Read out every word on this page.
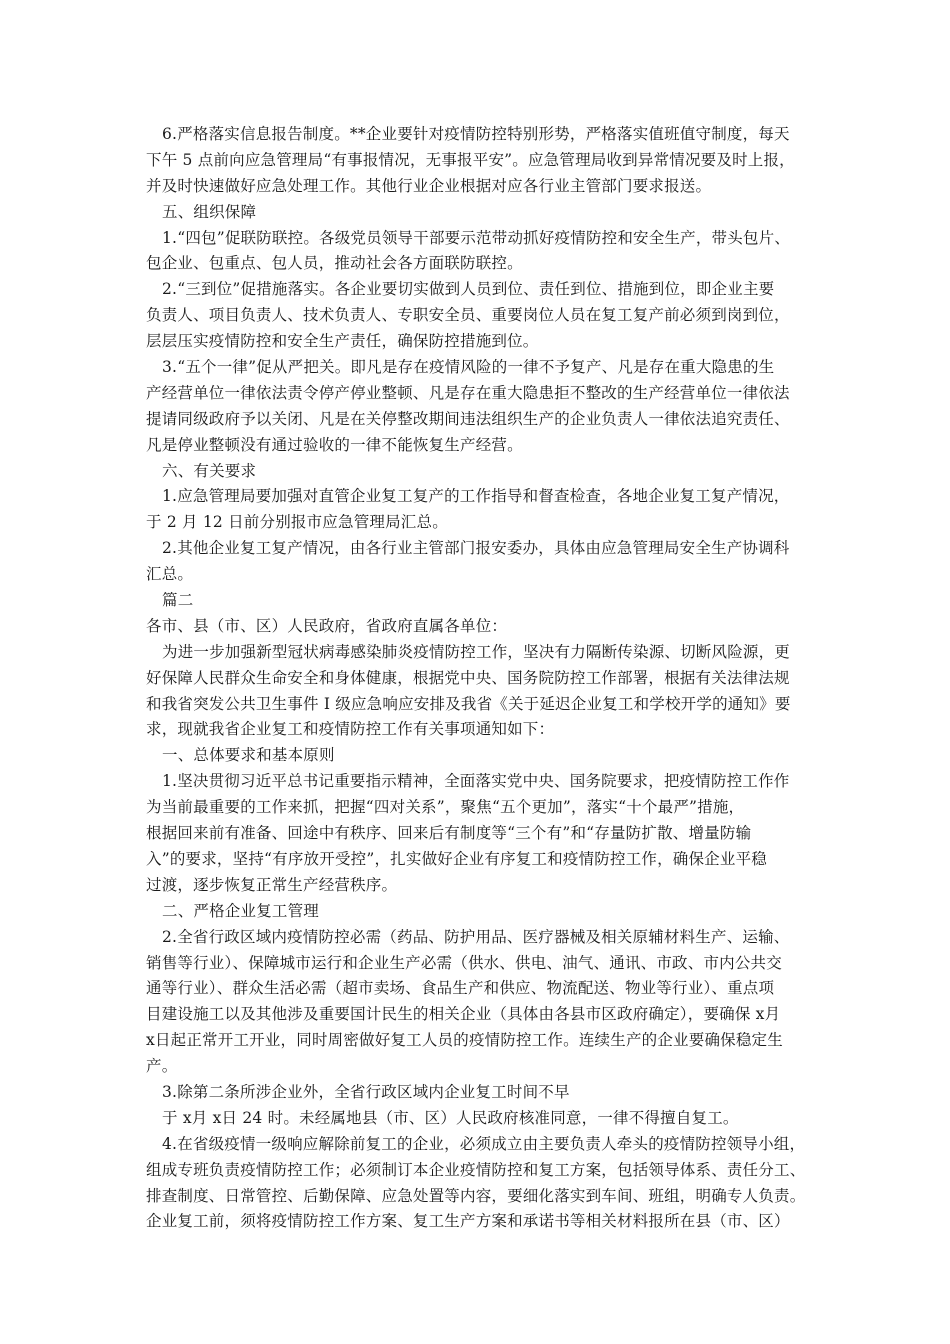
6.严格落实信息报告制度。**企业要针对疫情防控特别形势，严格落实值班值守制度，每天
下午 5 点前向应急管理局“有事报情况，无事报平安”。应急管理局收到异常情况要及时上报，
并及时快速做好应急处理工作。其他行业企业根据对应各行业主管部门要求报送。
五、组织保障
1.“四包”促联防联控。各级党员领导干部要示范带动抓好疫情防控和安全生产，带头包片、
包企业、包重点、包人员，推动社会各方面联防联控。
2.“三到位”促措施落实。各企业要切实做到人员到位、责任到位、措施到位，即企业主要
负责人、项目负责人、技术负责人、专职安全员、重要岗位人员在复工复产前必须到岗到位，
层层压实疫情防控和安全生产责任，确保防控措施到位。
3.“五个一律”促从严把关。即凡是存在疫情风险的一律不予复产、凡是存在重大隐患的生
产经营单位一律依法责令停产停业整顿、凡是存在重大隐患拒不整改的生产经营单位一律依法
提请同级政府予以关闭、凡是在关停整改期间违法组织生产的企业负责人一律依法追究责任、
凡是停业整顿没有通过验收的一律不能恢复生产经营。
六、有关要求
1.应急管理局要加强对直管企业复工复产的工作指导和督查检查，各地企业复工复产情况，
于 2 月 12 日前分别报市应急管理局汇总。
2.其他企业复工复产情况，由各行业主管部门报安委办，具体由应急管理局安全生产协调科
汇总。
篇二
各市、县（市、区）人民政府，省政府直属各单位：
为进一步加强新型冠状病毒感染肺炎疫情防控工作，坚决有力隔断传染源、切断风险源，更
好保障人民群众生命安全和身体健康，根据党中央、国务院防控工作部署，根据有关法律法规
和我省突发公共卫生事件 I 级应急响应安排及我省《关于延迟企业复工和学校开学的通知》要
求，现就我省企业复工和疫情防控工作有关事项通知如下：
一、总体要求和基本原则
1.坚决贯彻习近平总书记重要指示精神，全面落实党中央、国务院要求，把疫情防控工作作
为当前最重要的工作来抓，把握“四对关系”，聚焦“五个更加”，落实“十个最严”措施，
根据回来前有准备、回途中有秩序、回来后有制度等“三个有”和“存量防扩散、增量防输
入”的要求，坚持“有序放开受控”，扎实做好企业有序复工和疫情防控工作，确保企业平稳
过渡，逐步恢复正常生产经营秩序。
二、严格企业复工管理
2.全省行政区域内疫情防控必需（药品、防护用品、医疗器械及相关原辅材料生产、运输、
销售等行业）、保障城市运行和企业生产必需（供水、供电、油气、通讯、市政、市内公共交
通等行业）、群众生活必需（超市卖场、食品生产和供应、物流配送、物业等行业）、重点项
目建设施工以及其他涉及重要国计民生的相关企业（具体由各县市区政府确定），要确保 x月
x日起正常开工开业，同时周密做好复工人员的疫情防控工作。连续生产的企业要确保稳定生
产。
3.除第二条所涉企业外，全省行政区域内企业复工时间不早
于 x月 x日 24 时。未经属地县（市、区）人民政府核准同意，一律不得擅自复工。
4.在省级疫情一级响应解除前复工的企业，必须成立由主要负责人牵头的疫情防控领导小组，
组成专班负责疫情防控工作；必须制订本企业疫情防控和复工方案，包括领导体系、责任分工、
排查制度、日常管控、后勤保障、应急处置等内容，要细化落实到车间、班组，明确专人负责。
企业复工前，须将疫情防控工作方案、复工生产方案和承诺书等相关材料报所在县（市、区）
